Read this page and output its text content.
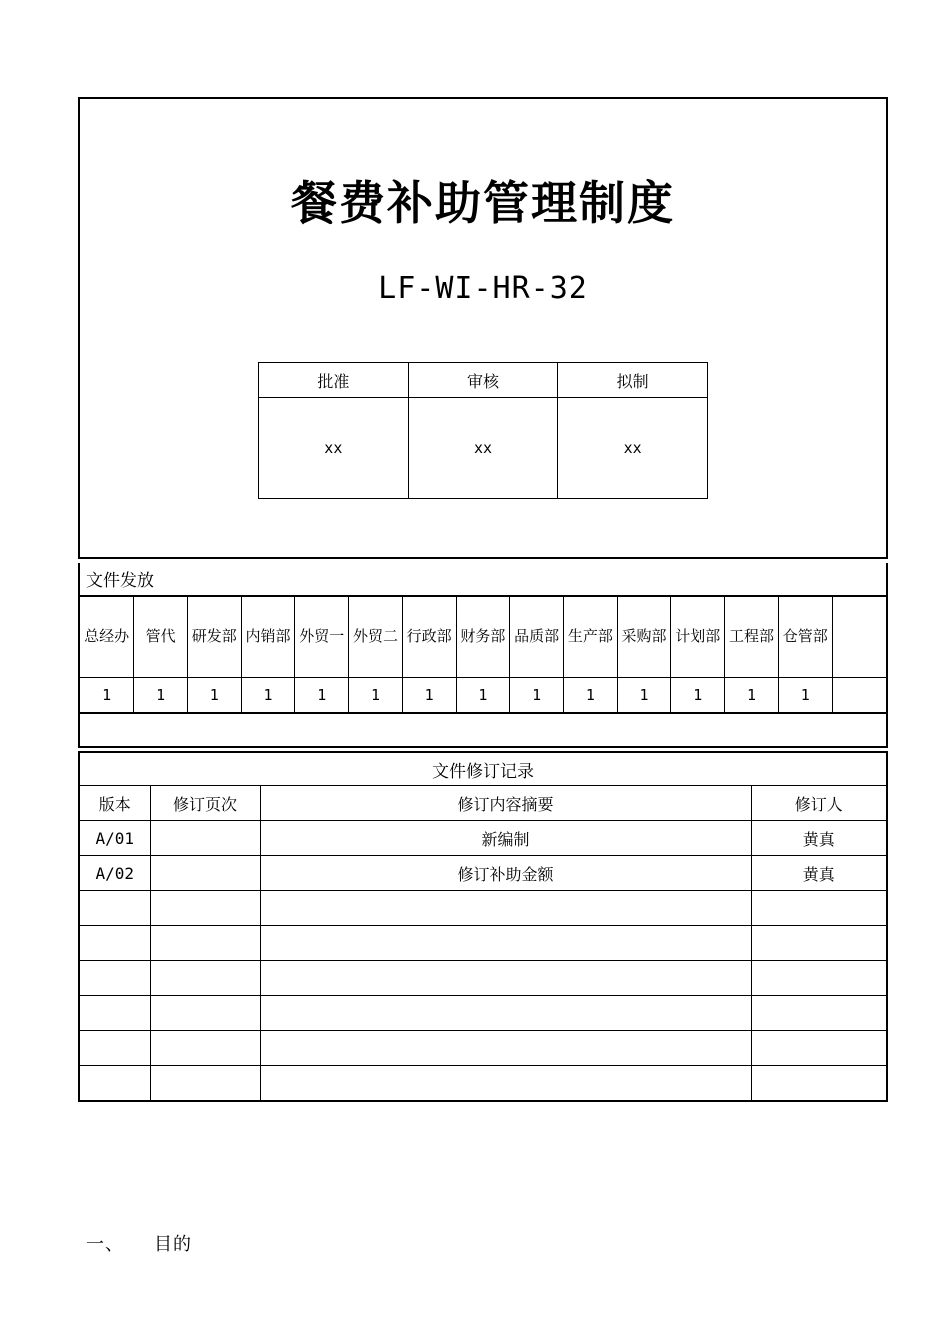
餐费补助管理制度
LF-WI-HR-32
批准	审核	拟制
xx	xx	xx
文件发放
总经办	管代	研发部	内销部	外贸一	外贸二	行政部	财务部	品质部	生产部	采购部	计划部	工程部	仓管部	
1	1	1	1	1	1	1	1	1	1	1	1	1	1	
文件修订记录			
版本	修订页次	修订内容摘要	修订人
A/01		新编制	黄真
A/02		修订补助金额	黄真

一、 目的
